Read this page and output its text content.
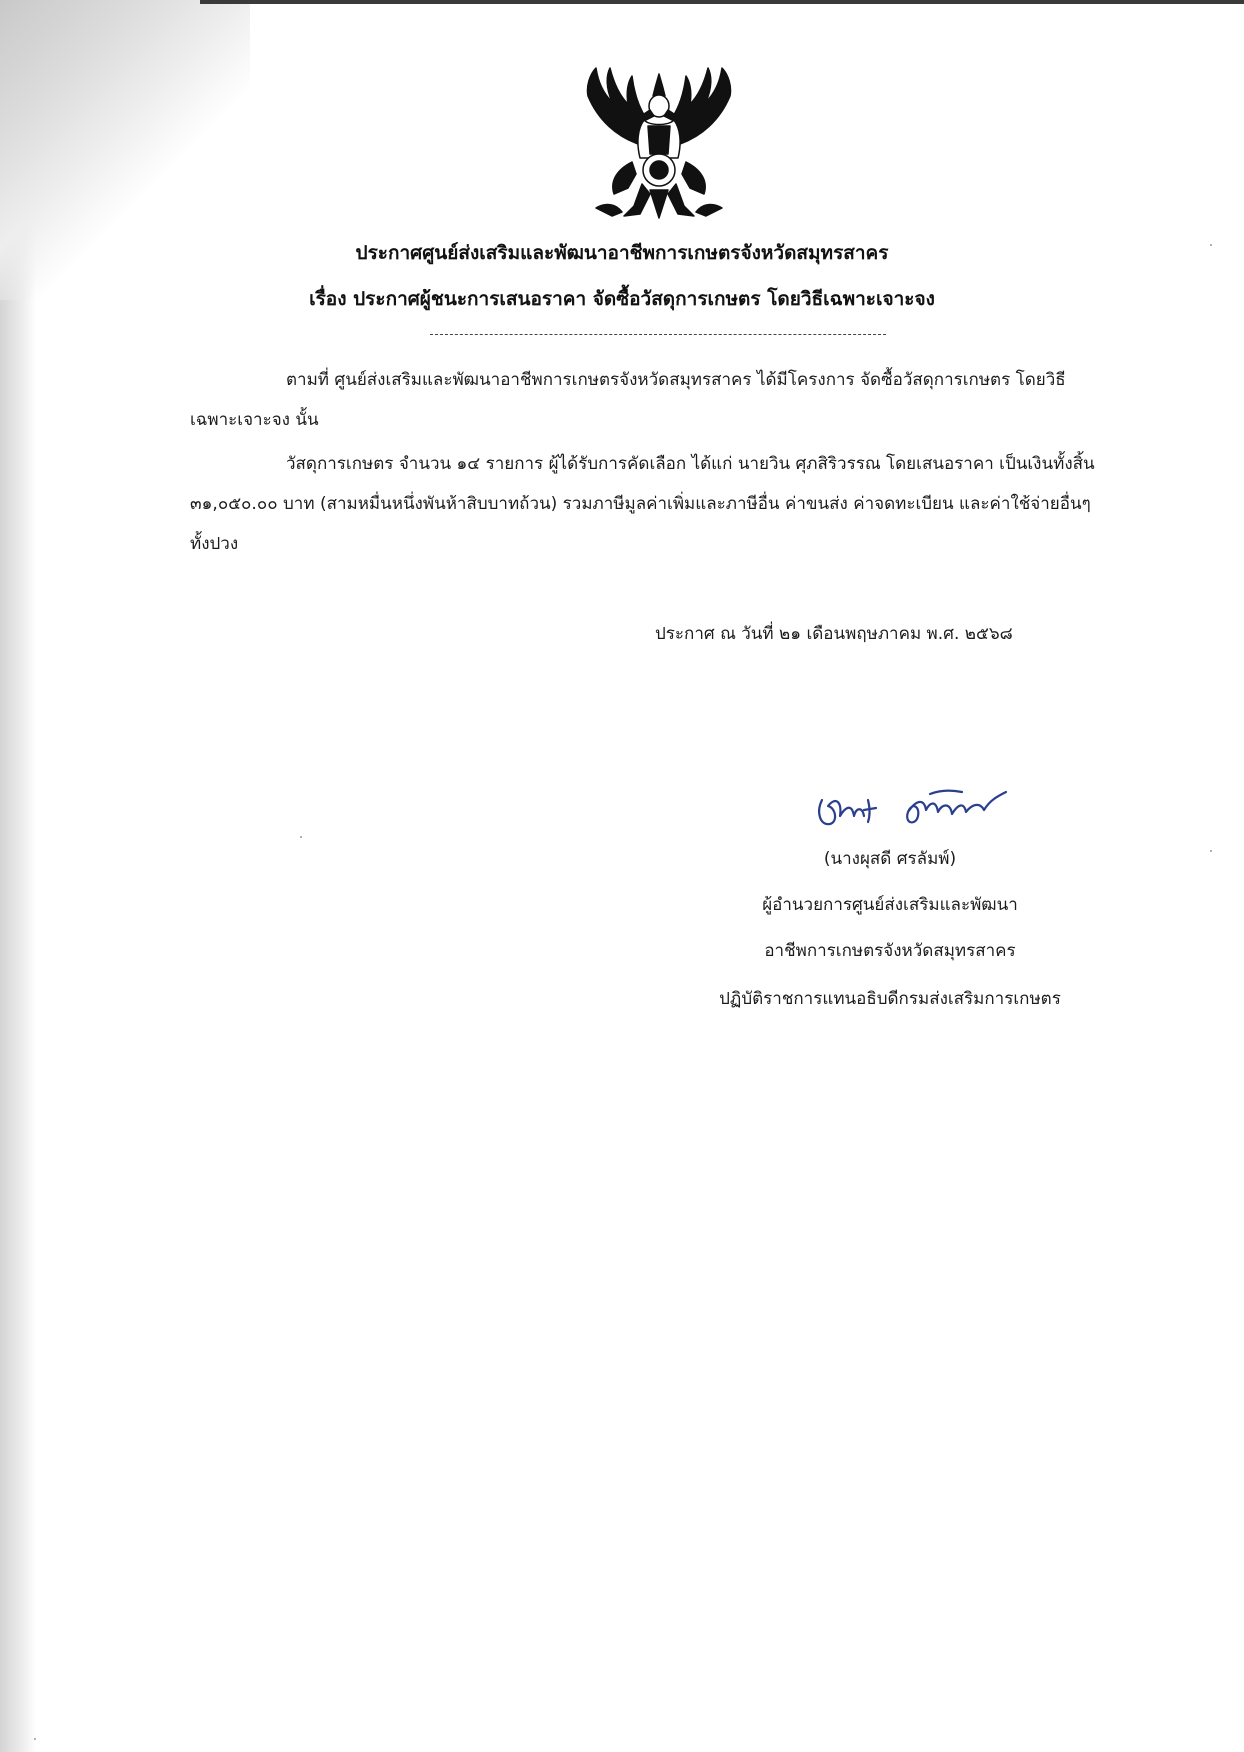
ประกาศศูนย์ส่งเสริมและพัฒนาอาชีพการเกษตรจังหวัดสมุทรสาคร
เรื่อง ประกาศผู้ชนะการเสนอราคา จัดซื้อวัสดุการเกษตร โดยวิธีเฉพาะเจาะจง

ตามที่ ศูนย์ส่งเสริมและพัฒนาอาชีพการเกษตรจังหวัดสมุทรสาคร ได้มีโครงการ จัดซื้อวัสดุการเกษตร โดยวิธีเฉพาะเจาะจง นั้น

วัสดุการเกษตร จำนวน ๑๔ รายการ ผู้ได้รับการคัดเลือก ได้แก่ นายวิน ศุภสิริวรรณ โดยเสนอราคา เป็นเงินทั้งสิ้น ๓๑,๐๕๐.๐๐ บาท (สามหมื่นหนึ่งพันห้าสิบบาทถ้วน) รวมภาษีมูลค่าเพิ่มและภาษีอื่น ค่าขนส่ง ค่าจดทะเบียน และค่าใช้จ่ายอื่นๆ ทั้งปวง

ประกาศ ณ วันที่ ๒๑ เดือนพฤษภาคม พ.ศ. ๒๕๖๘
(นางผุสดี ศรลัมพ์)
ผู้อำนวยการศูนย์ส่งเสริมและพัฒนา
อาชีพการเกษตรจังหวัดสมุทรสาคร
ปฏิบัติราชการแทนอธิบดีกรมส่งเสริมการเกษตร
